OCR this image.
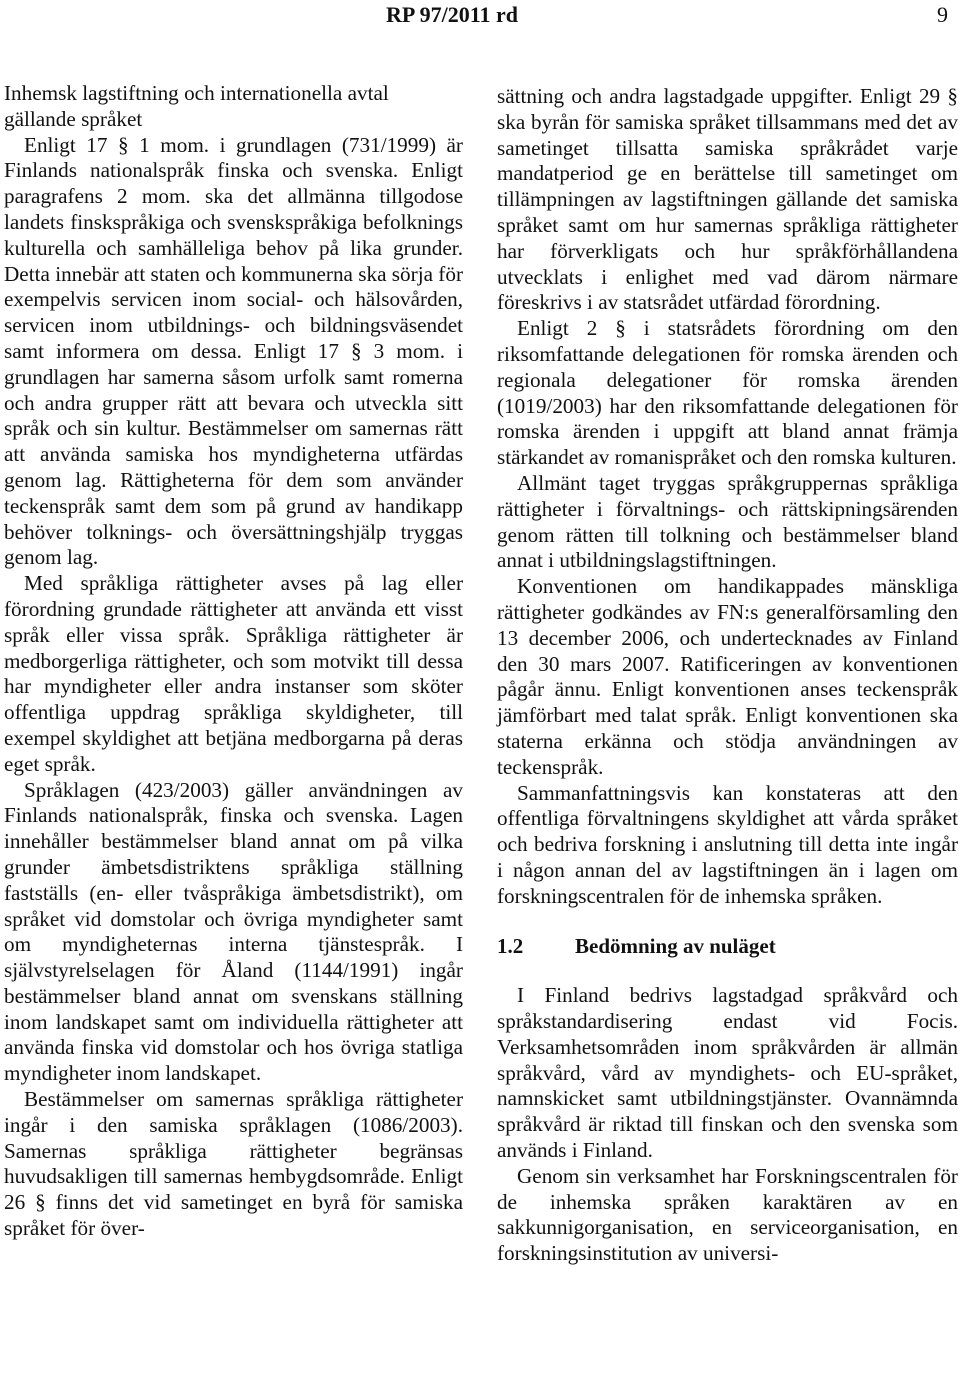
RP 97/2011 rd	9

Inhemsk lagstiftning och internationella avtal gällande språket

Enligt 17 § 1 mom. i grundlagen (731/1999) är Finlands nationalspråk finska och svenska. Enligt paragrafens 2 mom. ska det allmänna tillgodose landets finskspråkiga och svenskspråkiga befolknings kulturella och samhälleliga behov på lika grunder. Detta innebär att staten och kommunerna ska sörja för exempelvis servicen inom social- och hälsovården, servicen inom utbildnings- och bildningsväsendet samt informera om dessa. Enligt 17 § 3 mom. i grundlagen har samerna såsom urfolk samt romerna och andra grupper rätt att bevara och utveckla sitt språk och sin kultur. Bestämmelser om samernas rätt att använda samiska hos myndigheterna utfärdas genom lag. Rättigheterna för dem som använder teckenspråk samt dem som på grund av handikapp behöver tolknings- och översättningshjälp tryggas genom lag.

Med språkliga rättigheter avses på lag eller förordning grundade rättigheter att använda ett visst språk eller vissa språk. Språkliga rättigheter är medborgerliga rättigheter, och som motvikt till dessa har myndigheter eller andra instanser som sköter offentliga uppdrag språkliga skyldigheter, till exempel skyldighet att betjäna medborgarna på deras eget språk.

Språklagen (423/2003) gäller användningen av Finlands nationalspråk, finska och svenska. Lagen innehåller bestämmelser bland annat om på vilka grunder ämbetsdistriktens språkliga ställning fastställs (en- eller tvåspråkiga ämbetsdistrikt), om språket vid domstolar och övriga myndigheter samt om myndigheternas interna tjänstespråk. I självstyrelselagen för Åland (1144/1991) ingår bestämmelser bland annat om svenskans ställning inom landskapet samt om individuella rättigheter att använda finska vid domstolar och hos övriga statliga myndigheter inom landskapet.

Bestämmelser om samernas språkliga rättigheter ingår i den samiska språklagen (1086/2003). Samernas språkliga rättigheter begränsas huvudsakligen till samernas hembygdsområde. Enligt 26 § finns det vid sametinget en byrå för samiska språket för över-

sättning och andra lagstadgade uppgifter. Enligt 29 § ska byrån för samiska språket tillsammans med det av sametinget tillsatta samiska språkrådet varje mandatperiod ge en berättelse till sametinget om tillämpningen av lagstiftningen gällande det samiska språket samt om hur samernas språkliga rättigheter har förverkligats och hur språkförhållandena utvecklats i enlighet med vad därom närmare föreskrivs i av statsrådet utfärdad förordning.

Enligt 2 § i statsrådets förordning om den riksomfattande delegationen för romska ärenden och regionala delegationer för romska ärenden (1019/2003) har den riksomfattande delegationen för romska ärenden i uppgift att bland annat främja stärkandet av romanispråket och den romska kulturen.

Allmänt taget tryggas språkgruppernas språkliga rättigheter i förvaltnings- och rättskipningsärenden genom rätten till tolkning och bestämmelser bland annat i utbildningslagstiftningen.

Konventionen om handikappades mänskliga rättigheter godkändes av FN:s generalförsamling den 13 december 2006, och undertecknades av Finland den 30 mars 2007. Ratificeringen av konventionen pågår ännu. Enligt konventionen anses teckenspråk jämförbart med talat språk. Enligt konventionen ska staterna erkänna och stödja användningen av teckenspråk.

Sammanfattningsvis kan konstateras att den offentliga förvaltningens skyldighet att vårda språket och bedriva forskning i anslutning till detta inte ingår i någon annan del av lagstiftningen än i lagen om forskningscentralen för de inhemska språken.

1.2	Bedömning av nuläget

I Finland bedrivs lagstadgad språkvård och språkstandardisering endast vid Focis. Verksamhetsområden inom språkvården är allmän språkvård, vård av myndighets- och EU-språket, namnskicket samt utbildningstjänster. Ovannämnda språkvård är riktad till finskan och den svenska som används i Finland.

Genom sin verksamhet har Forskningscentralen för de inhemska språken karaktären av en sakkunnigorganisation, en serviceorganisation, en forskningsinstitution av universi-
